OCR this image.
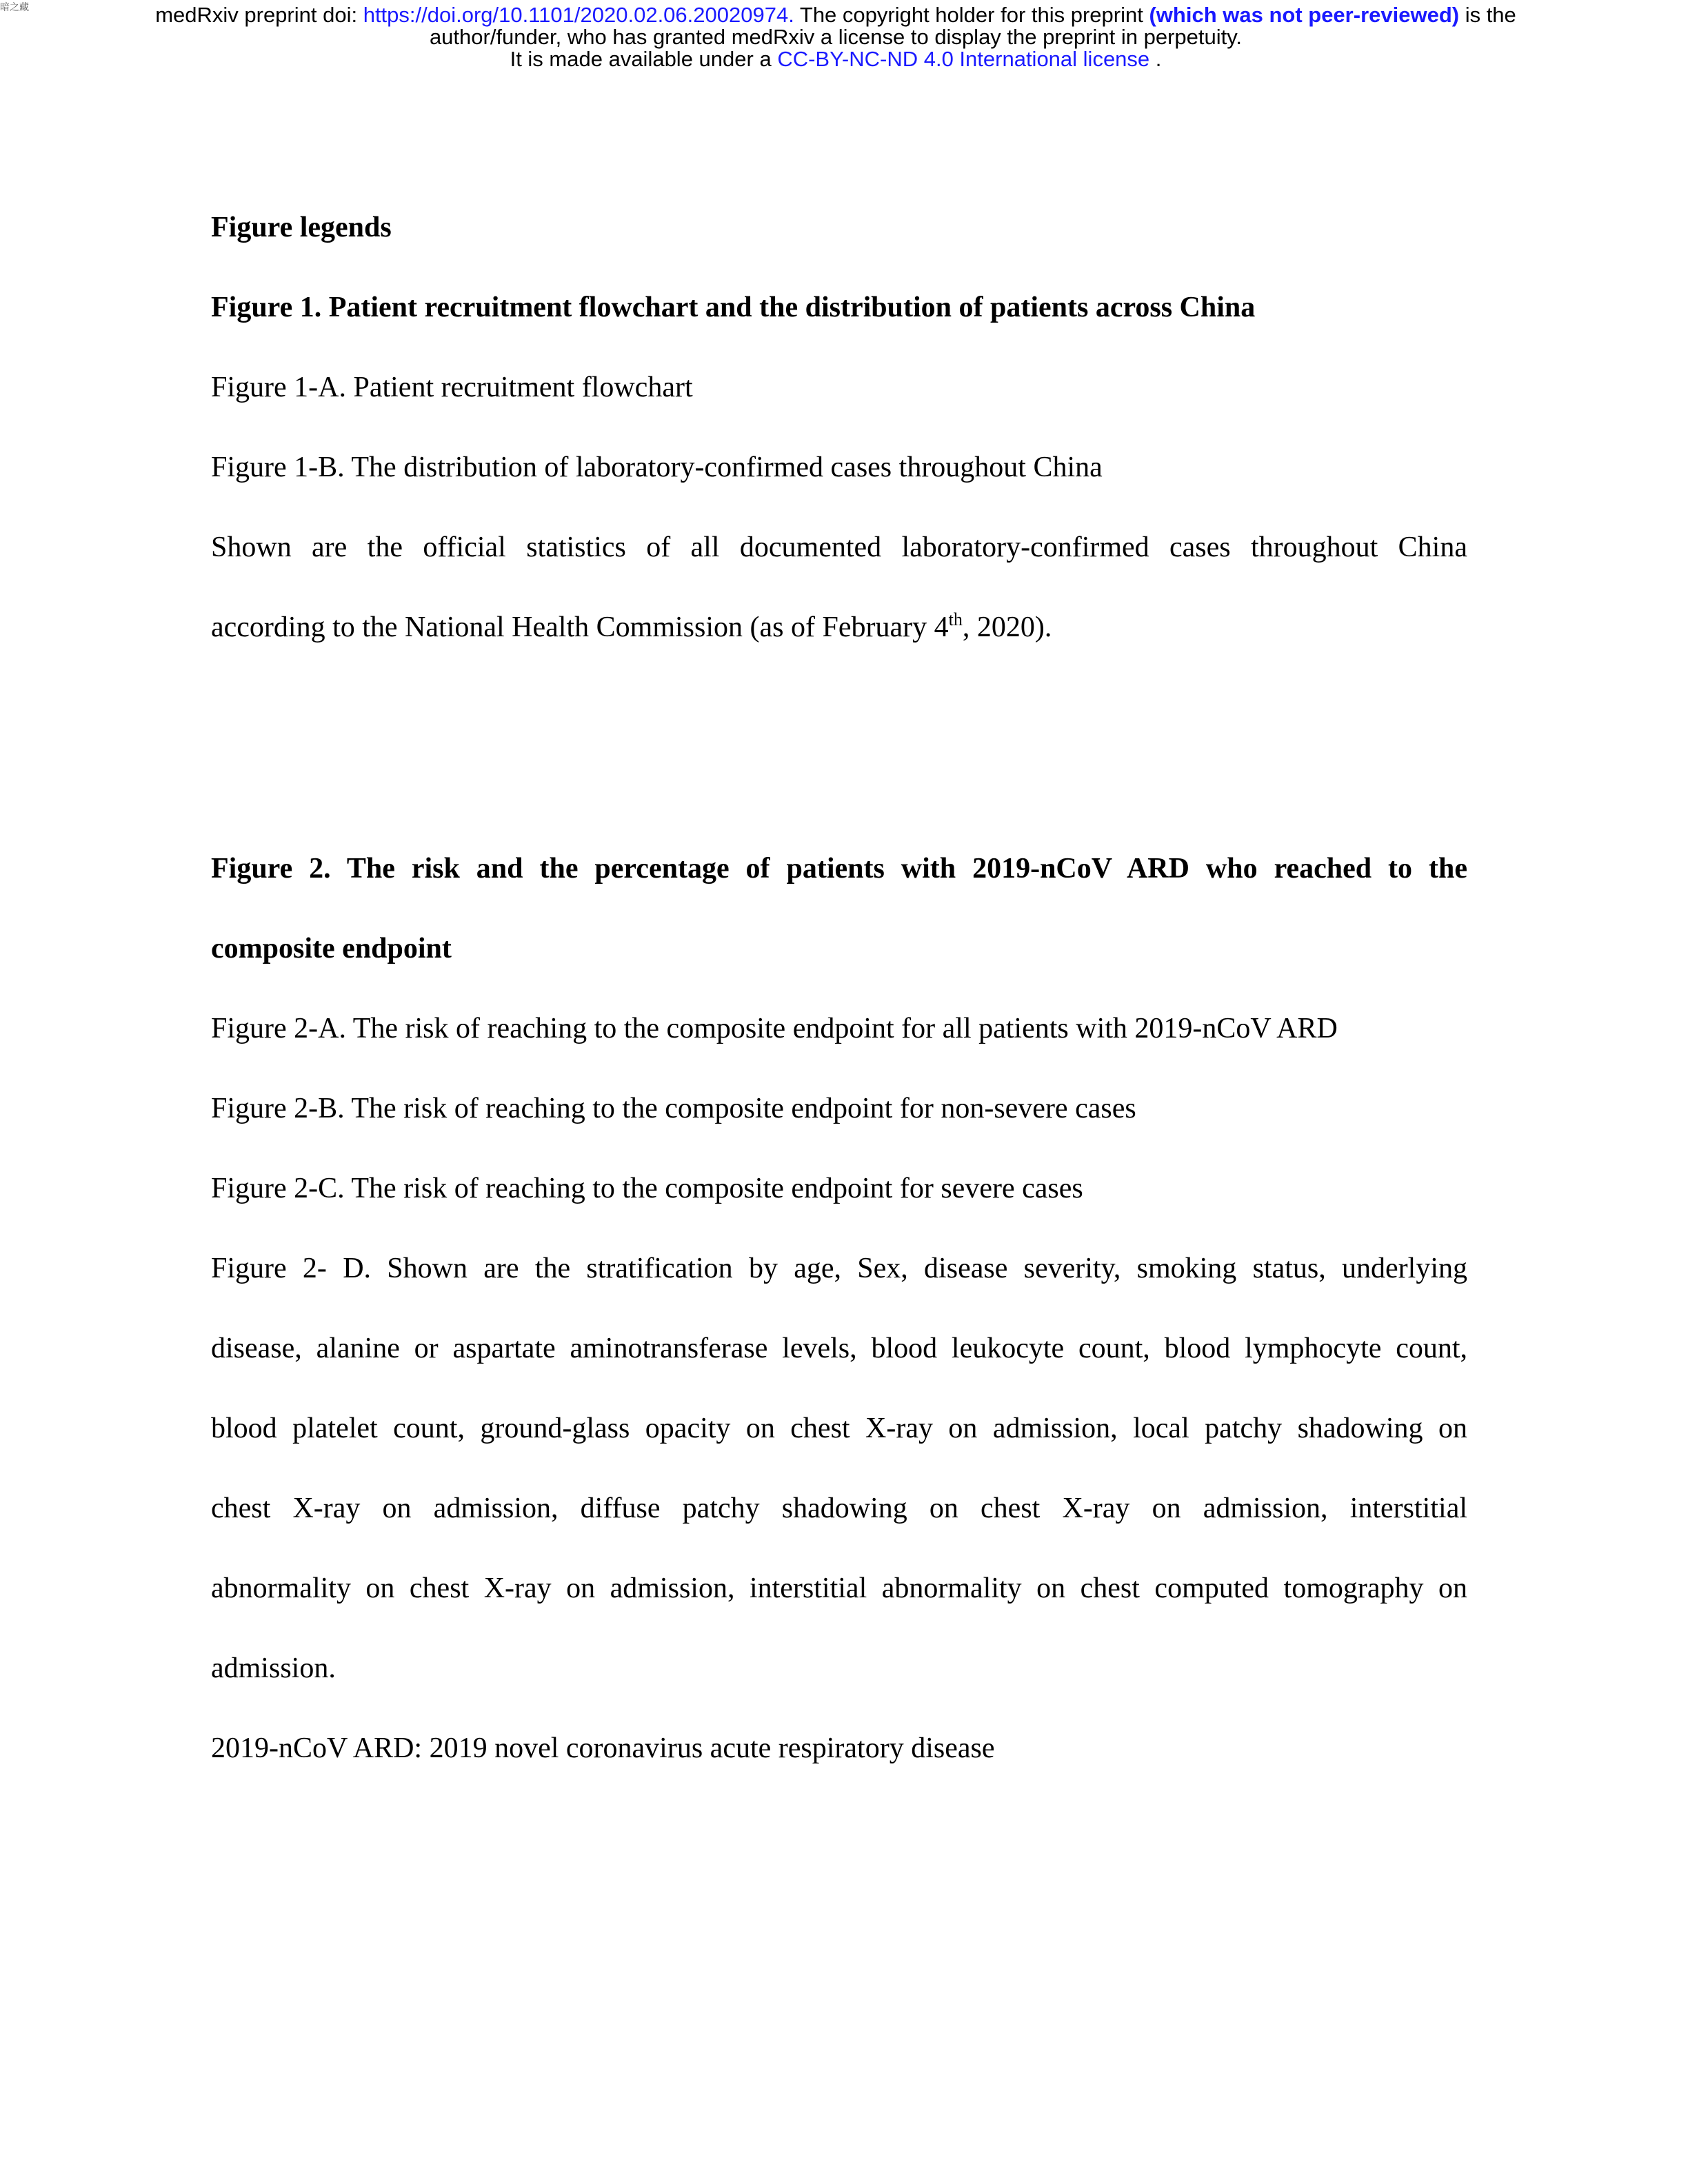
暗之藏	medRxiv preprint doi: https://doi.org/10.1101/2020.02.06.20020974. The copyright holder for this preprint (which was not peer-reviewed) is the
author/funder, who has granted medRxiv a license to display the preprint in perpetuity.
It is made available under a CC-BY-NC-ND 4.0 International license .

Figure legends

Figure 1. Patient recruitment flowchart and the distribution of patients across China

Figure 1-A. Patient recruitment flowchart

Figure 1-B. The distribution of laboratory-confirmed cases throughout China

Shown are the official statistics of all documented laboratory-confirmed cases throughout China

according to the National Health Commission (as of February 4th, 2020).

Figure 2. The risk and the percentage of patients with 2019-nCoV ARD who reached to the

composite endpoint

Figure 2-A. The risk of reaching to the composite endpoint for all patients with 2019-nCoV ARD

Figure 2-B. The risk of reaching to the composite endpoint for non-severe cases

Figure 2-C. The risk of reaching to the composite endpoint for severe cases

Figure 2- D. Shown are the stratification by age, Sex, disease severity, smoking status, underlying

disease, alanine or aspartate aminotransferase levels, blood leukocyte count, blood lymphocyte count,

blood platelet count, ground-glass opacity on chest X-ray on admission, local patchy shadowing on

chest X-ray on admission, diffuse patchy shadowing on chest X-ray on admission, interstitial

abnormality on chest X-ray on admission, interstitial abnormality on chest computed tomography on

admission.

2019-nCoV ARD: 2019 novel coronavirus acute respiratory disease
